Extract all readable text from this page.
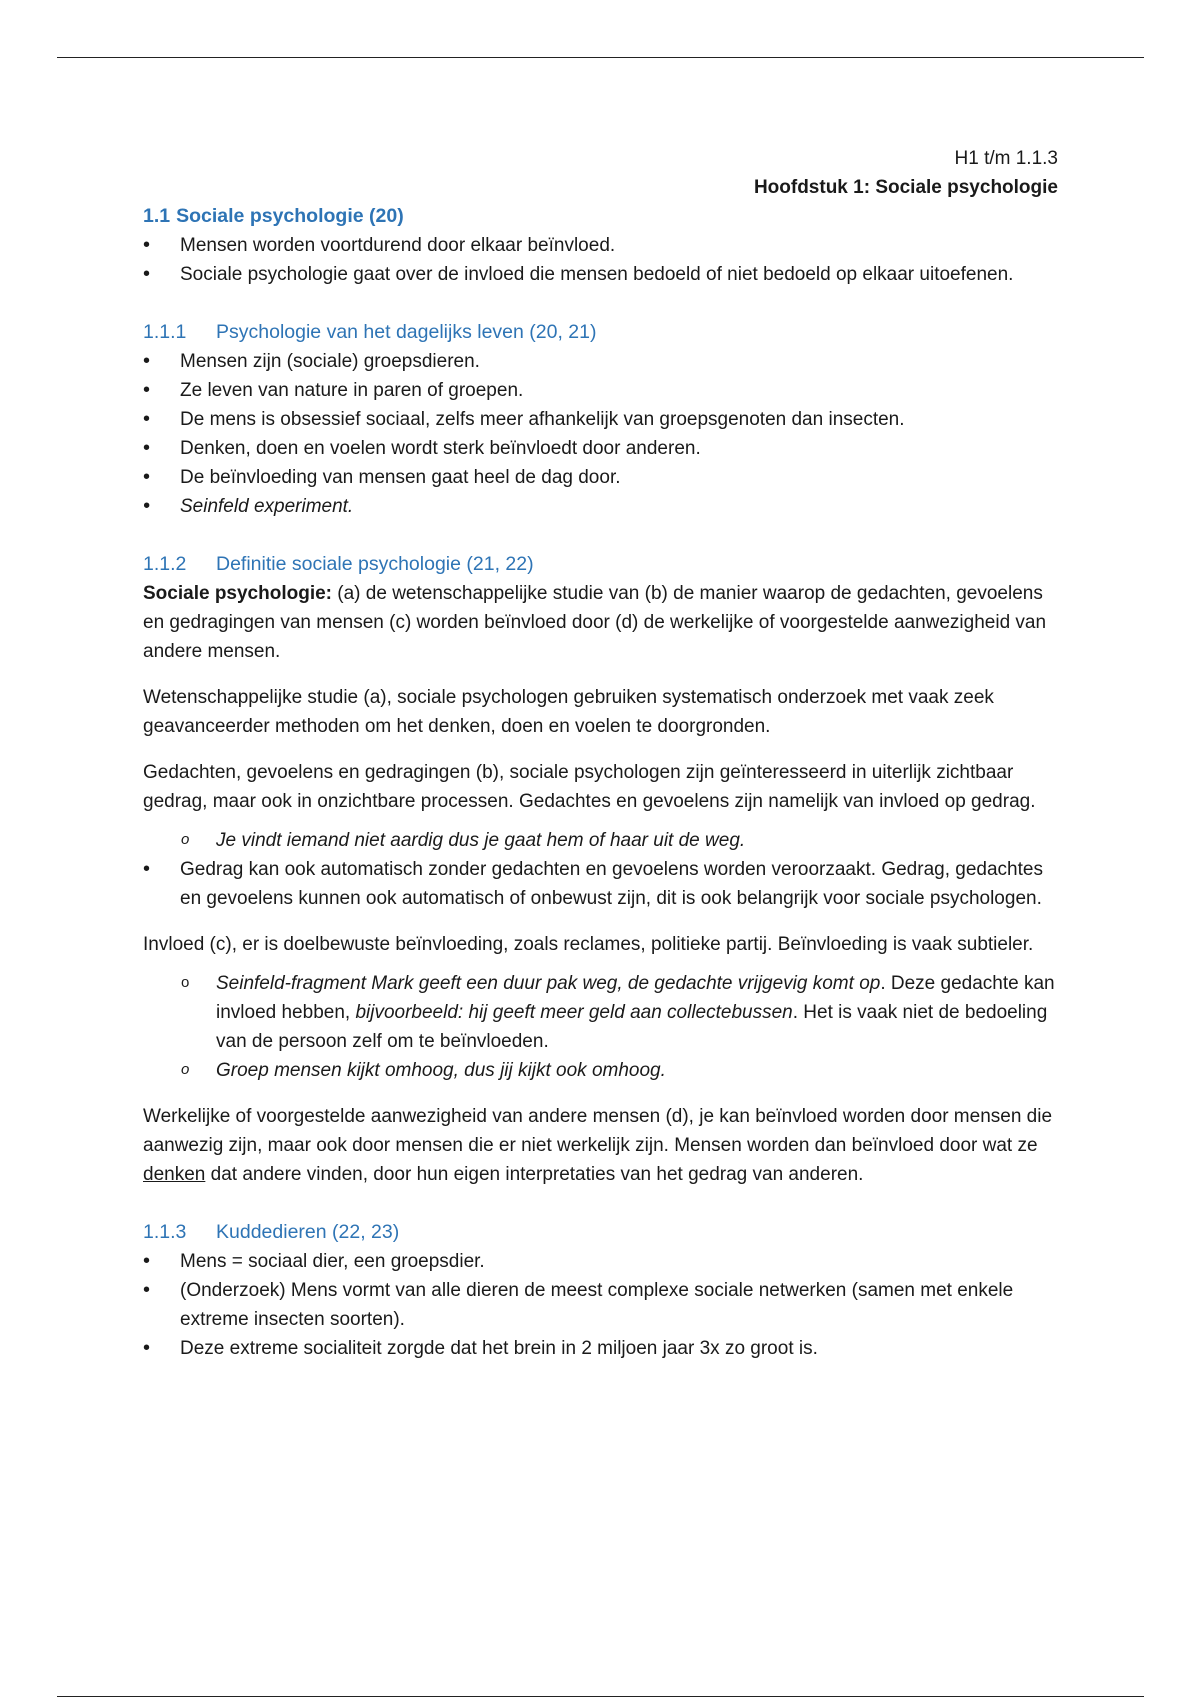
H1 t/m 1.1.3
Hoofdstuk 1: Sociale psychologie
1.1 Sociale psychologie (20)
• Mensen worden voortdurend door elkaar beïnvloed.
• Sociale psychologie gaat over de invloed die mensen bedoeld of niet bedoeld op elkaar uitoefenen.
1.1.1 Psychologie van het dagelijks leven (20, 21)
• Mensen zijn (sociale) groepsdieren.
• Ze leven van nature in paren of groepen.
• De mens is obsessief sociaal, zelfs meer afhankelijk van groepsgenoten dan insecten.
• Denken, doen en voelen wordt sterk beïnvloedt door anderen.
• De beïnvloeding van mensen gaat heel de dag door.
• Seinfeld experiment.
1.1.2 Definitie sociale psychologie (21, 22)

Sociale psychologie: (a) de wetenschappelijke studie van (b) de manier waarop de gedachten, gevoelens en gedragingen van mensen (c) worden beïnvloed door (d) de werkelijke of voorgestelde aanwezigheid van andere mensen.

Wetenschappelijke studie (a), sociale psychologen gebruiken systematisch onderzoek met vaak zeek geavanceerder methoden om het denken, doen en voelen te doorgronden.

Gedachten, gevoelens en gedragingen (b), sociale psychologen zijn geïnteresseerd in uiterlijk zichtbaar gedrag, maar ook in onzichtbare processen. Gedachtes en gevoelens zijn namelijk van invloed op gedrag.

o Je vindt iemand niet aardig dus je gaat hem of haar uit de weg.
• Gedrag kan ook automatisch zonder gedachten en gevoelens worden veroorzaakt. Gedrag, gedachtes en gevoelens kunnen ook automatisch of onbewust zijn, dit is ook belangrijk voor sociale psychologen.

Invloed (c), er is doelbewuste beïnvloeding, zoals reclames, politieke partij. Beïnvloeding is vaak subtieler.

o Seinfeld-fragment Mark geeft een duur pak weg, de gedachte vrijgevig komt op. Deze gedachte kan invloed hebben, bijvoorbeeld: hij geeft meer geld aan collectebussen. Het is vaak niet de bedoeling van de persoon zelf om te beïnvloeden.
o Groep mensen kijkt omhoog, dus jij kijkt ook omhoog.

Werkelijke of voorgestelde aanwezigheid van andere mensen (d), je kan beïnvloed worden door mensen die aanwezig zijn, maar ook door mensen die er niet werkelijk zijn. Mensen worden dan beïnvloed door wat ze denken dat andere vinden, door hun eigen interpretaties van het gedrag van anderen.

1.1.3 Kuddedieren (22, 23)
• Mens = sociaal dier, een groepsdier.
• (Onderzoek) Mens vormt van alle dieren de meest complexe sociale netwerken (samen met enkele extreme insecten soorten).
• Deze extreme socialiteit zorgde dat het brein in 2 miljoen jaar 3x zo groot is.
